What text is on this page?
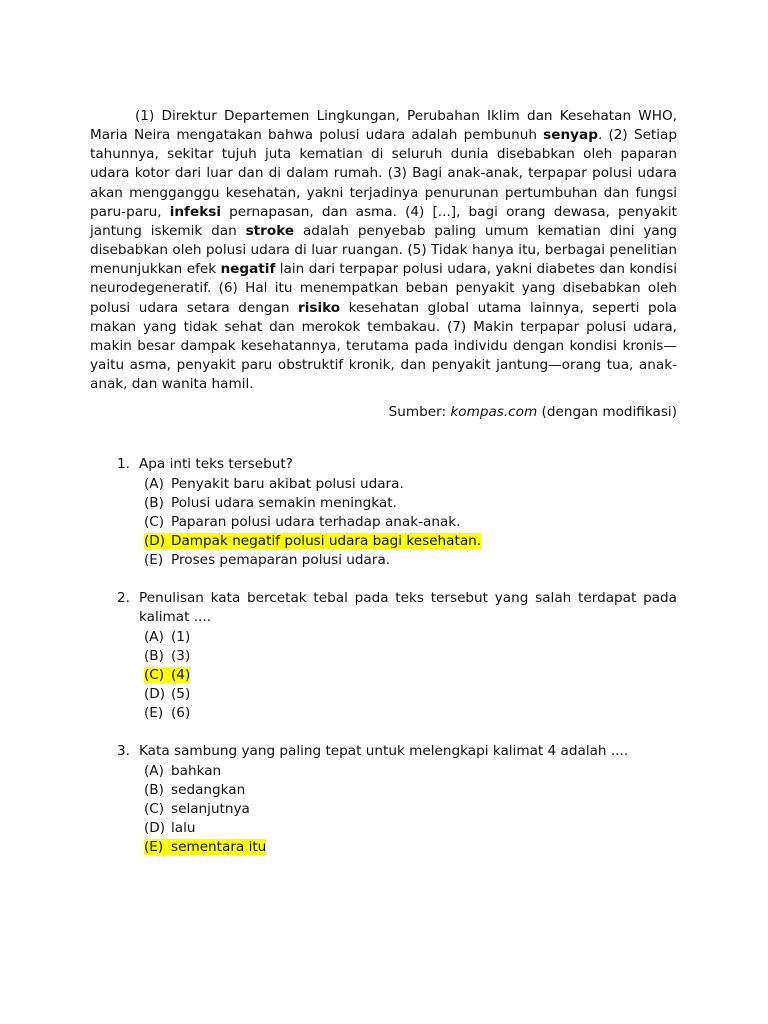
(1) Direktur Departemen Lingkungan, Perubahan Iklim dan Kesehatan WHO, Maria Neira mengatakan bahwa polusi udara adalah pembunuh senyap. (2) Setiap tahunnya, sekitar tujuh juta kematian di seluruh dunia disebabkan oleh paparan udara kotor dari luar dan di dalam rumah. (3) Bagi anak-anak, terpapar polusi udara akan mengganggu kesehatan, yakni terjadinya penurunan pertumbuhan dan fungsi paru-paru, infeksi pernapasan, dan asma. (4) [...], bagi orang dewasa, penyakit jantung iskemik dan stroke adalah penyebab paling umum kematian dini yang disebabkan oleh polusi udara di luar ruangan. (5) Tidak hanya itu, berbagai penelitian menunjukkan efek negatif lain dari terpapar polusi udara, yakni diabetes dan kondisi neurodegeneratif. (6) Hal itu menempatkan beban penyakit yang disebabkan oleh polusi udara setara dengan risiko kesehatan global utama lainnya, seperti pola makan yang tidak sehat dan merokok tembakau. (7) Makin terpapar polusi udara, makin besar dampak kesehatannya, terutama pada individu dengan kondisi kronis—yaitu asma, penyakit paru obstruktif kronik, dan penyakit jantung—orang tua, anak-anak, dan wanita hamil.

Sumber: kompas.com (dengan modifikasi)

1. Apa inti teks tersebut?
(A) Penyakit baru akibat polusi udara.
(B) Polusi udara semakin meningkat.
(C) Paparan polusi udara terhadap anak-anak.
(D) Dampak negatif polusi udara bagi kesehatan.
(E) Proses pemaparan polusi udara.
2. Penulisan kata bercetak tebal pada teks tersebut yang salah terdapat pada kalimat ....
(A) (1)
(B) (3)
(C) (4)
(D) (5)
(E) (6)
3. Kata sambung yang paling tepat untuk melengkapi kalimat 4 adalah ....
(A) bahkan
(B) sedangkan
(C) selanjutnya
(D) lalu
(E) sementara itu
